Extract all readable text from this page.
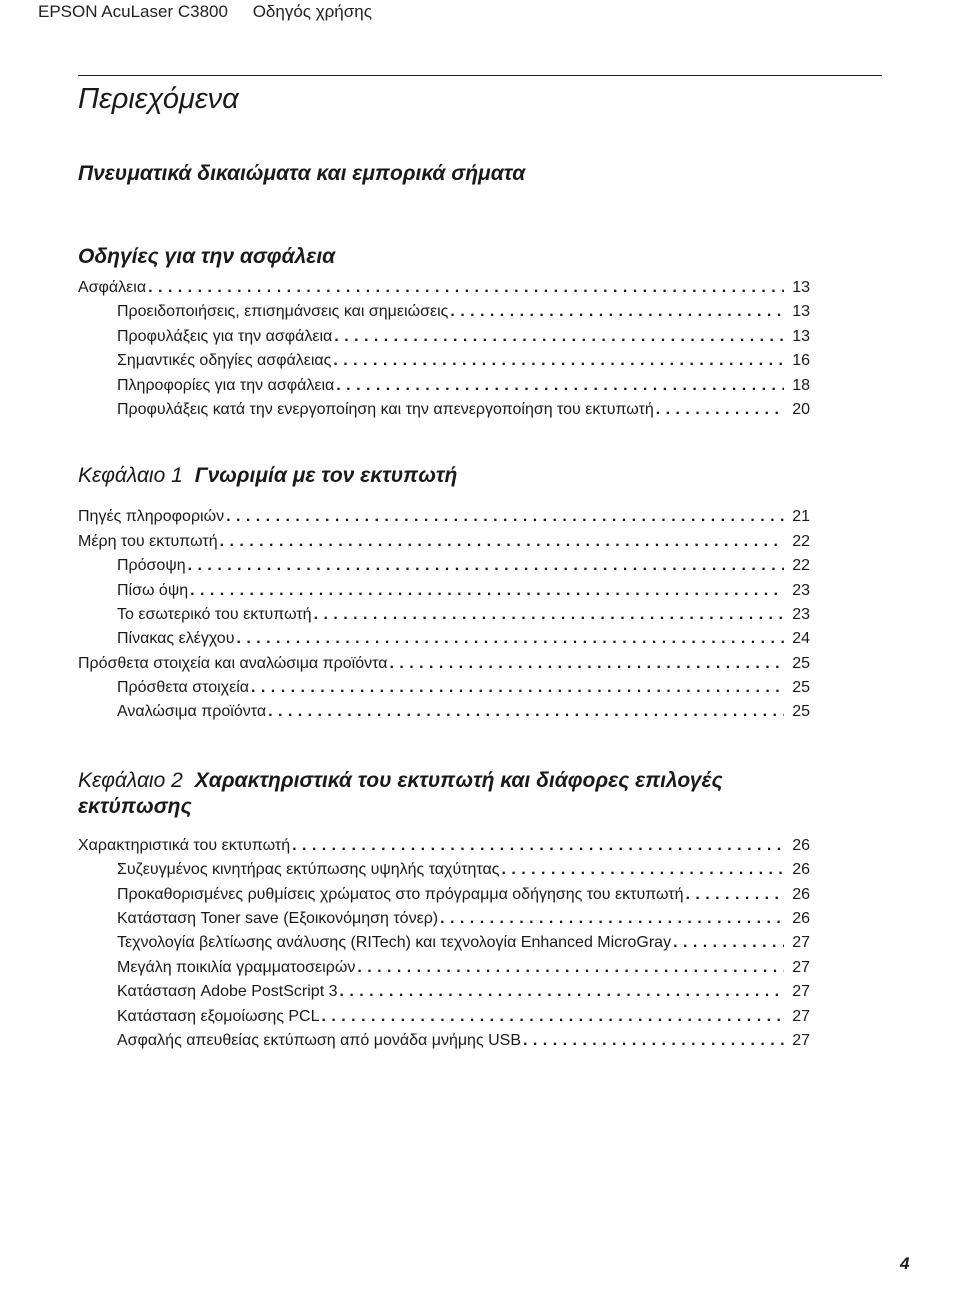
EPSON AcuLaser C3800 Οδηγός χρήσης
Περιεχόμενα
Πνευματικά δικαιώματα και εμπορικά σήματα
Οδηγίες για την ασφάλεια
Ασφάλεια . . .	13
Προειδοποιήσεις, επισημάνσεις και σημειώσεις . . .	13
Προφυλάξεις για την ασφάλεια . . .	13
Σημαντικές οδηγίες ασφάλειας . . .	16
Πληροφορίες για την ασφάλεια . . .	18
Προφυλάξεις κατά την ενεργοποίηση και την απενεργοποίηση του εκτυπωτή . . .	20
Κεφάλαιο 1 Γνωριμία με τον εκτυπωτή
Πηγές πληροφοριών . . .	21
Μέρη του εκτυπωτή . . .	22
Πρόσοψη . . .	22
Πίσω όψη . . .	23
Το εσωτερικό του εκτυπωτή . . .	23
Πίνακας ελέγχου . . .	24
Πρόσθετα στοιχεία και αναλώσιμα προϊόντα . . .	25
Πρόσθετα στοιχεία . . .	25
Αναλώσιμα προϊόντα . . .	25
Κεφάλαιο 2 Χαρακτηριστικά του εκτυπωτή και διάφορες επιλογές εκτύπωσης
Χαρακτηριστικά του εκτυπωτή . . .	26
Συζευγμένος κινητήρας εκτύπωσης υψηλής ταχύτητας . . .	26
Προκαθορισμένες ρυθμίσεις χρώματος στο πρόγραμμα οδήγησης του εκτυπωτή . . .	26
Κατάσταση Toner save (Εξοικονόμηση τόνερ) . . .	26
Τεχνολογία βελτίωσης ανάλυσης (RITech) και τεχνολογία Enhanced MicroGray . . .	27
Μεγάλη ποικιλία γραμματοσειρών . . .	27
Κατάσταση Adobe PostScript 3 . . .	27
Κατάσταση εξομοίωσης PCL . . .	27
Ασφαλής απευθείας εκτύπωση από μονάδα μνήμης USB . . .	27
4
